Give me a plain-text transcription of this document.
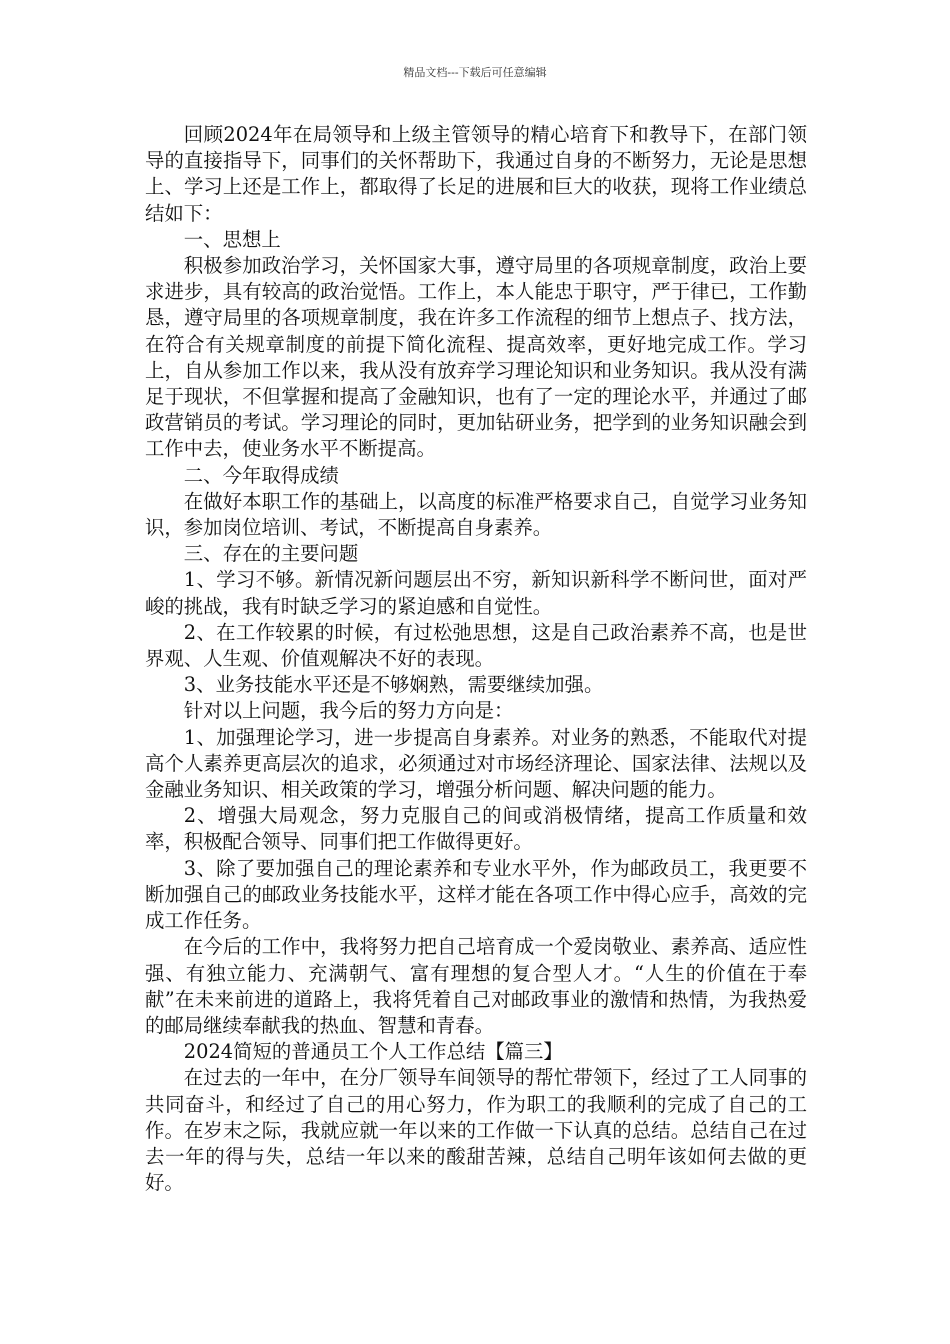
精品文档---下载后可任意编辑

回顾2024年在局领导和上级主管领导的精心培育下和教导下，在部门领导的直接指导下，同事们的关怀帮助下，我通过自身的不断努力，无论是思想上、学习上还是工作上，都取得了长足的进展和巨大的收获，现将工作业绩总结如下：

一、思想上

积极参加政治学习，关怀国家大事，遵守局里的各项规章制度，政治上要求进步，具有较高的政治觉悟。工作上，本人能忠于职守，严于律已，工作勤恳，遵守局里的各项规章制度，我在许多工作流程的细节上想点子、找方法，在符合有关规章制度的前提下简化流程、提高效率，更好地完成工作。学习上，自从参加工作以来，我从没有放弃学习理论知识和业务知识。我从没有满足于现状，不但掌握和提高了金融知识，也有了一定的理论水平，并通过了邮政营销员的考试。学习理论的同时，更加钻研业务，把学到的业务知识融会到工作中去，使业务水平不断提高。

二、今年取得成绩

在做好本职工作的基础上，以高度的标准严格要求自己，自觉学习业务知识，参加岗位培训、考试，不断提高自身素养。

三、存在的主要问题

1、学习不够。新情况新问题层出不穷，新知识新科学不断问世，面对严峻的挑战，我有时缺乏学习的紧迫感和自觉性。

2、在工作较累的时候，有过松弛思想，这是自己政治素养不高，也是世界观、人生观、价值观解决不好的表现。

3、业务技能水平还是不够娴熟，需要继续加强。

针对以上问题，我今后的努力方向是：

1、加强理论学习，进一步提高自身素养。对业务的熟悉，不能取代对提高个人素养更高层次的追求，必须通过对市场经济理论、国家法律、法规以及金融业务知识、相关政策的学习，增强分析问题、解决问题的能力。

2、增强大局观念，努力克服自己的间或消极情绪，提高工作质量和效率，积极配合领导、同事们把工作做得更好。

3、除了要加强自己的理论素养和专业水平外，作为邮政员工，我更要不断加强自己的邮政业务技能水平，这样才能在各项工作中得心应手，高效的完成工作任务。

在今后的工作中，我将努力把自己培育成一个爱岗敬业、素养高、适应性强、有独立能力、充满朝气、富有理想的复合型人才。“人生的价值在于奉献”在未来前进的道路上，我将凭着自己对邮政事业的激情和热情，为我热爱的邮局继续奉献我的热血、智慧和青春。

2024简短的普通员工个人工作总结【篇三】

在过去的一年中，在分厂领导车间领导的帮忙带领下，经过了工人同事的共同奋斗，和经过了自己的用心努力，作为职工的我顺利的完成了自己的工作。在岁末之际，我就应就一年以来的工作做一下认真的总结。总结自己在过去一年的得与失，总结一年以来的酸甜苦辣，总结自己明年该如何去做的更好。
